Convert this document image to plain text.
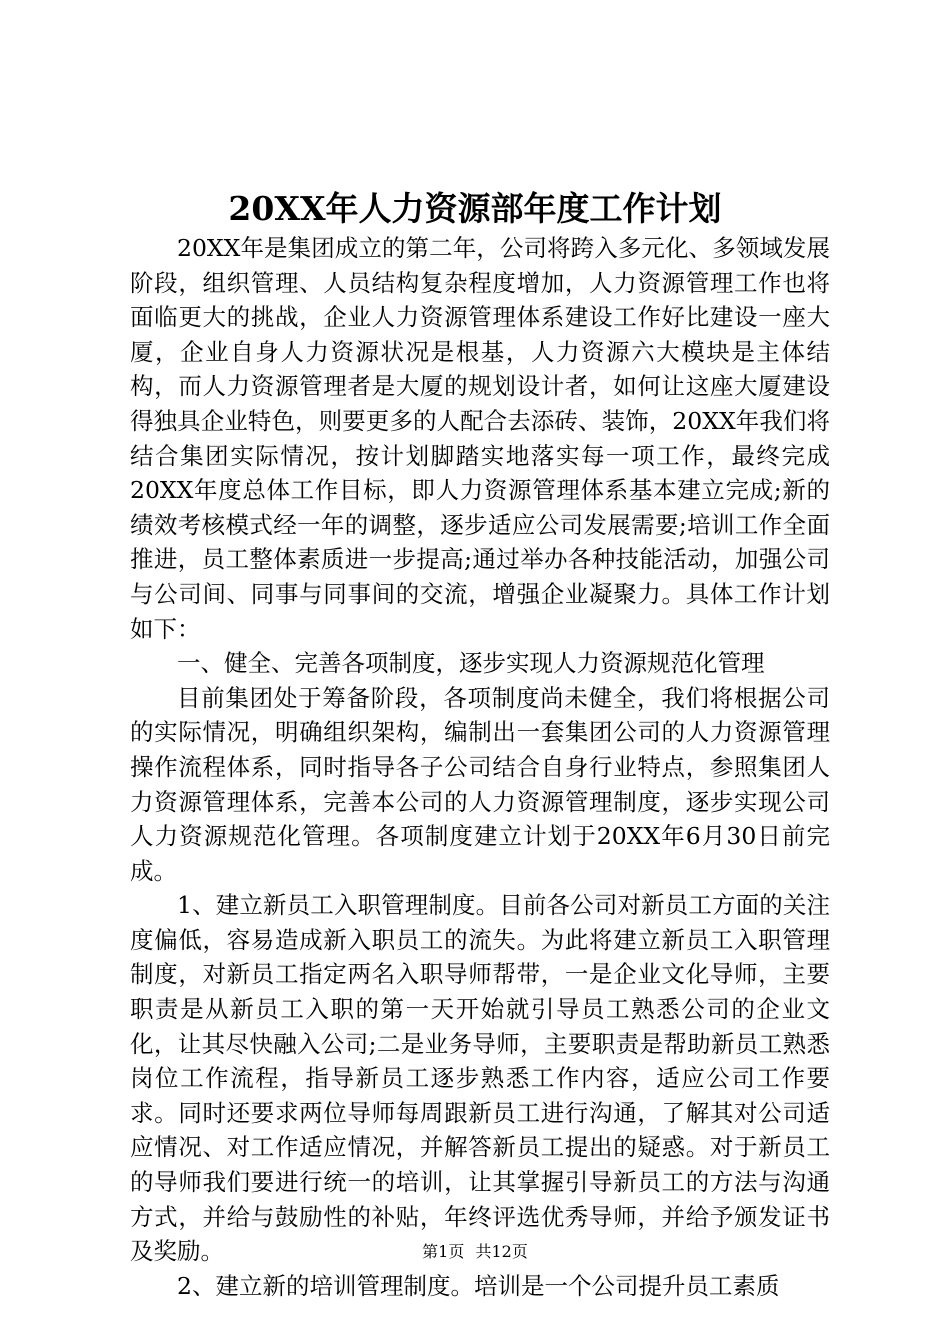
20XX年人力资源部年度工作计划

20XX年是集团成立的第二年，公司将跨入多元化、多领域发展阶段，组织管理、人员结构复杂程度增加，人力资源管理工作也将面临更大的挑战，企业人力资源管理体系建设工作好比建设一座大厦，企业自身人力资源状况是根基，人力资源六大模块是主体结构，而人力资源管理者是大厦的规划设计者，如何让这座大厦建设得独具企业特色，则要更多的人配合去添砖、装饰，20XX年我们将结合集团实际情况，按计划脚踏实地落实每一项工作，最终完成20XX年度总体工作目标，即人力资源管理体系基本建立完成;新的绩效考核模式经一年的调整，逐步适应公司发展需要;培训工作全面推进，员工整体素质进一步提高;通过举办各种技能活动，加强公司与公司间、同事与同事间的交流，增强企业凝聚力。具体工作计划如下：

一、健全、完善各项制度，逐步实现人力资源规范化管理

目前集团处于筹备阶段，各项制度尚未健全，我们将根据公司的实际情况，明确组织架构，编制出一套集团公司的人力资源管理操作流程体系，同时指导各子公司结合自身行业特点，参照集团人力资源管理体系，完善本公司的人力资源管理制度，逐步实现公司人力资源规范化管理。各项制度建立计划于20XX年6月30日前完成。

1、建立新员工入职管理制度。目前各公司对新员工方面的关注度偏低，容易造成新入职员工的流失。为此将建立新员工入职管理制度，对新员工指定两名入职导师帮带，一是企业文化导师，主要职责是从新员工入职的第一天开始就引导员工熟悉公司的企业文化，让其尽快融入公司;二是业务导师，主要职责是帮助新员工熟悉岗位工作流程，指导新员工逐步熟悉工作内容，适应公司工作要求。同时还要求两位导师每周跟新员工进行沟通，了解其对公司适应情况、对工作适应情况，并解答新员工提出的疑惑。对于新员工的导师我们要进行统一的培训，让其掌握引导新员工的方法与沟通方式，并给与鼓励性的补贴，年终评选优秀导师，并给予颁发证书及奖励。

2、建立新的培训管理制度。培训是一个公司提升员工素质

第1页 共12页
